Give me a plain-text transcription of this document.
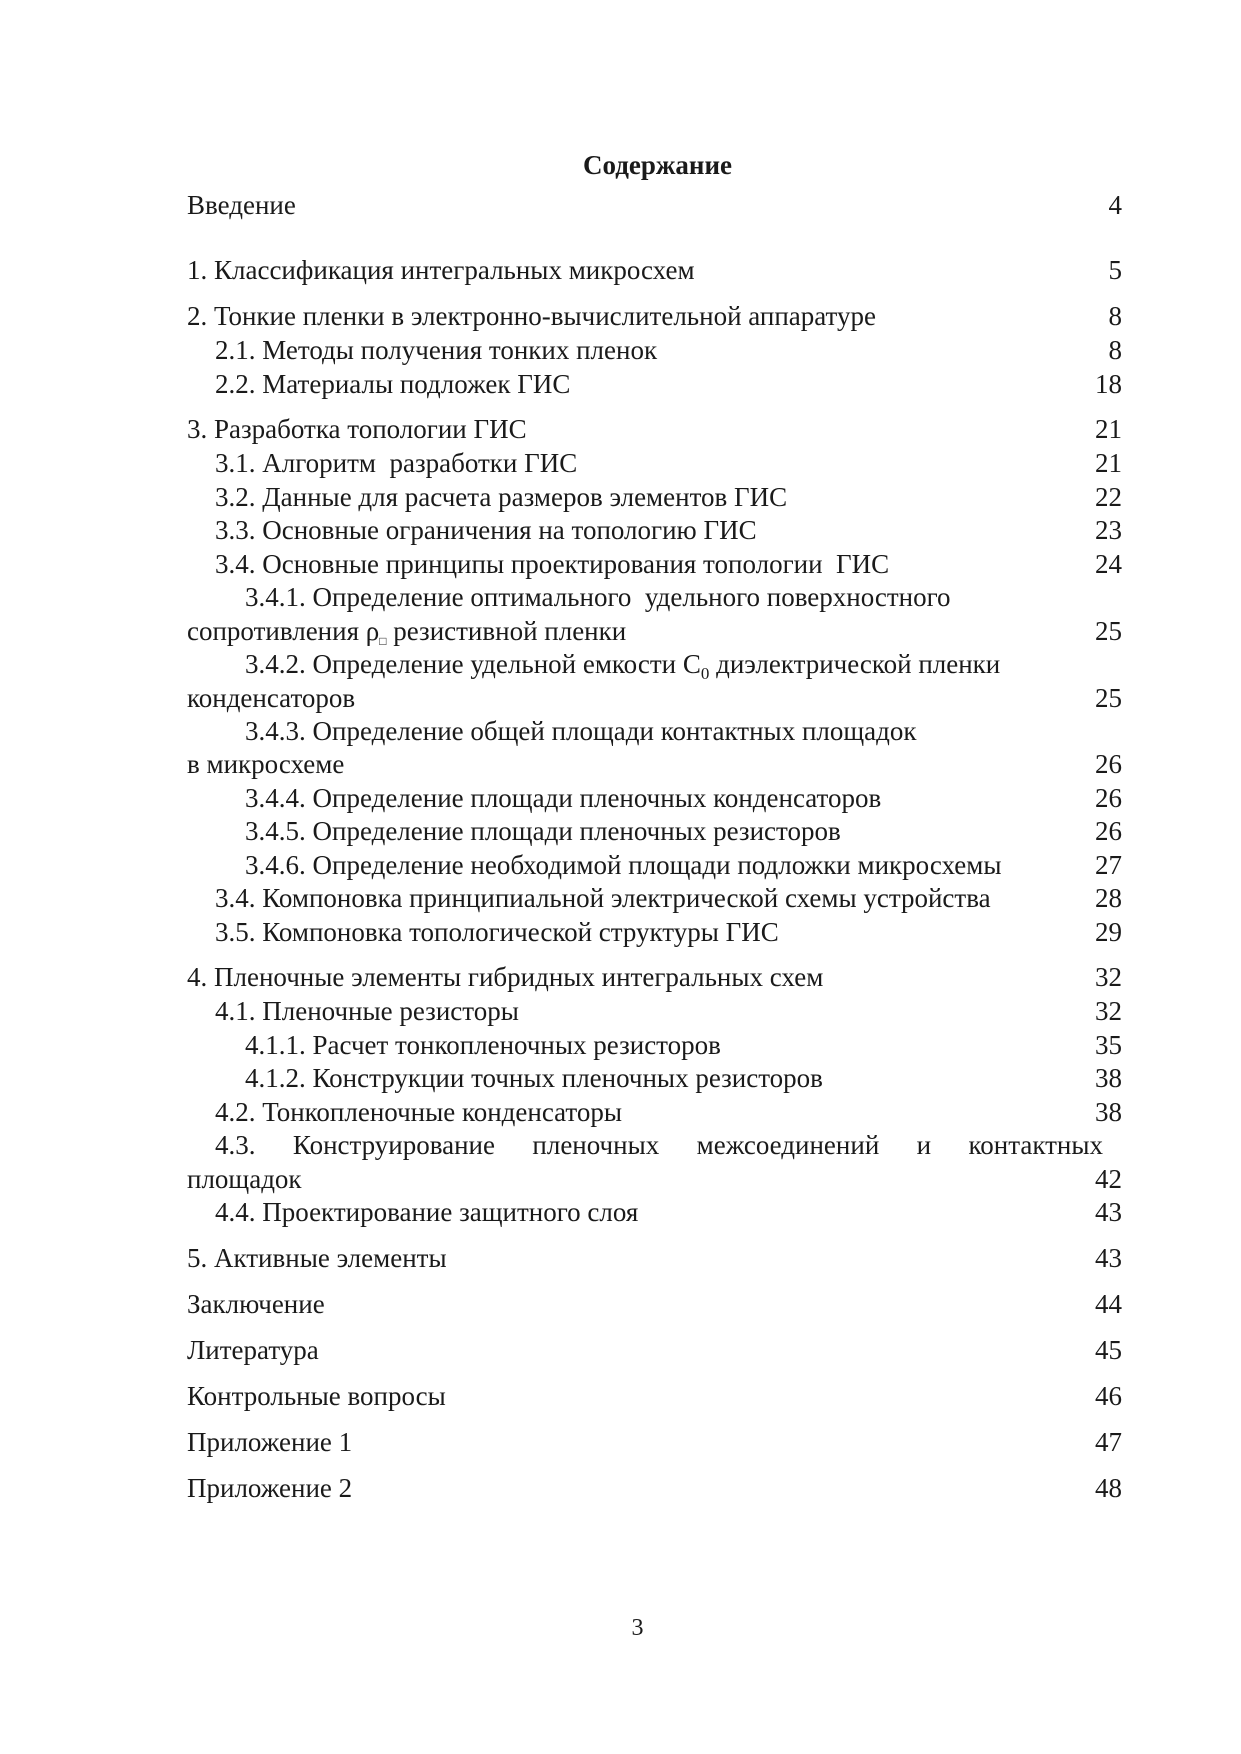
Содержание
Введение	4
1. Классификация интегральных микросхем	5
2. Тонкие пленки в электронно-вычислительной аппаратуре	8
2.1. Методы получения тонких пленок	8
2.2. Материалы подложек ГИС	18
3. Разработка топологии ГИС	21
3.1. Алгоритм  разработки ГИС	21
3.2. Данные для расчета размеров элементов ГИС	22
3.3. Основные ограничения на топологию ГИС	23
3.4. Основные принципы проектирования топологии  ГИС	24
3.4.1. Определение оптимального  удельного поверхностного
сопротивления ρ□ резистивной пленки	25
3.4.2. Определение удельной емкости $С_0$ диэлектрической пленки
конденсаторов	25
3.4.3. Определение общей площади контактных площадок
в микросхеме	26
3.4.4. Определение площади пленочных конденсаторов	26
3.4.5. Определение площади пленочных резисторов	26
3.4.6. Определение необходимой площади подложки микросхемы	27
3.4. Компоновка принципиальной электрической схемы устройства	28
3.5. Компоновка топологической структуры ГИС	29
4. Пленочные элементы гибридных интегральных схем	32
4.1. Пленочные резисторы	32
4.1.1. Расчет тонкопленочных резисторов	35
4.1.2. Конструкции точных пленочных резисторов	38
4.2. Тонкопленочные конденсаторы	38
4.3. Конструирование пленочных межсоединений и контактных
площадок	42
4.4. Проектирование защитного слоя	43
5. Активные элементы	43
Заключение	44
Литература	45
Контрольные вопросы	46
Приложение 1	47
Приложение 2	48
3
